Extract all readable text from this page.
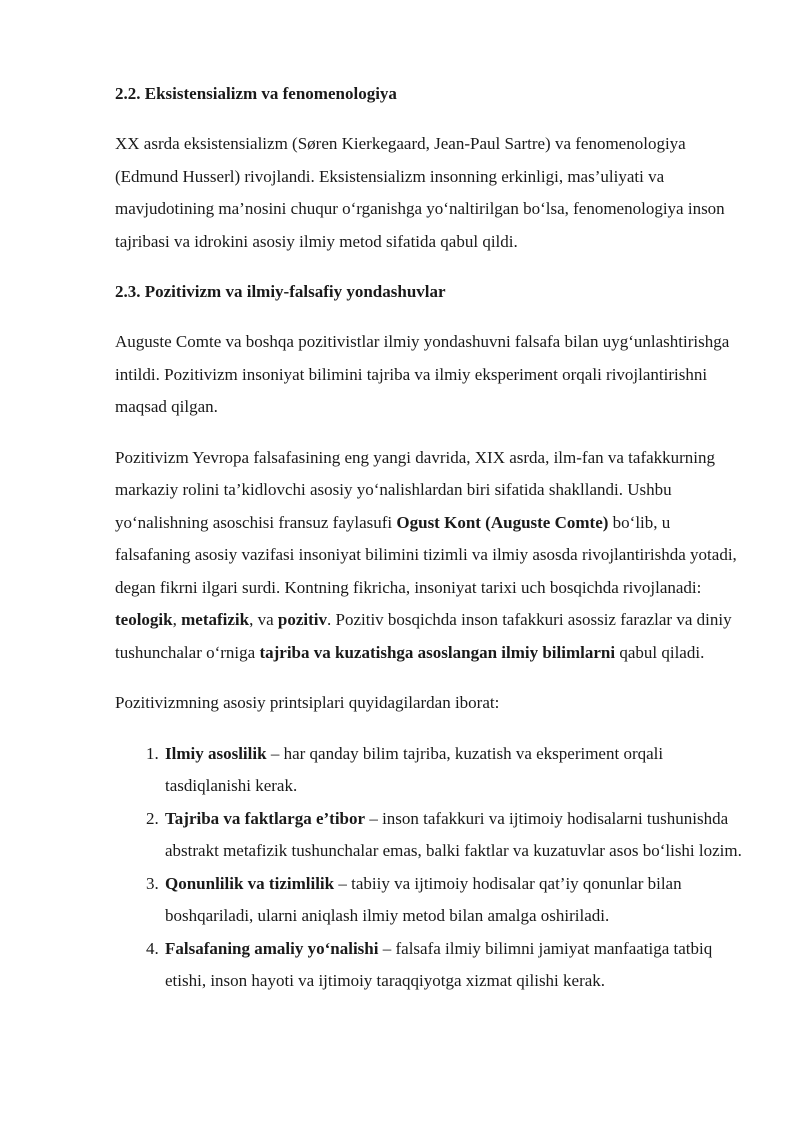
2.2. Eksistensializm va fenomenologiya

XX asrda eksistensializm (Søren Kierkegaard, Jean-Paul Sartre) va fenomenologiya (Edmund Husserl) rivojlandi. Eksistensializm insonning erkinligi, mas’uliyati va mavjudotining ma’nosini chuqur oʻrganishga yoʻnaltirilgan boʻlsa, fenomenologiya inson tajribasi va idrokini asosiy ilmiy metod sifatida qabul qildi.

2.3. Pozitivizm va ilmiy-falsafiy yondashuvlar

Auguste Comte va boshqa pozitivistlar ilmiy yondashuvni falsafa bilan uygʻunlashtirishga intildi. Pozitivizm insoniyat bilimini tajriba va ilmiy eksperiment orqali rivojlantirishni maqsad qilgan.

Pozitivizm Yevropa falsafasining eng yangi davrida, XIX asrda, ilm-fan va tafakkurning markaziy rolini ta’kidlovchi asosiy yoʻnalishlardan biri sifatida shakllandi. Ushbu yoʻnalishning asoschisi fransuz faylasufi Ogust Kont (Auguste Comte) boʻlib, u falsafaning asosiy vazifasi insoniyat bilimini tizimli va ilmiy asosda rivojlantirishda yotadi, degan fikrni ilgari surdi. Kontning fikricha, insoniyat tarixi uch bosqichda rivojlanadi: teologik, metafizik, va pozitiv. Pozitiv bosqichda inson tafakkuri asossiz farazlar va diniy tushunchalar oʻrniga tajriba va kuzatishga asoslangan ilmiy bilimlarni qabul qiladi.

Pozitivizmning asosiy printsiplari quyidagilardan iborat:

1. Ilmiy asoslilik – har qanday bilim tajriba, kuzatish va eksperiment orqali tasdiqlanishi kerak.
2. Tajriba va faktlarga e’tibor – inson tafakkuri va ijtimoiy hodisalarni tushunishda abstrakt metafizik tushunchalar emas, balki faktlar va kuzatuvlar asos boʻlishi lozim.
3. Qonunlilik va tizimlilik – tabiiy va ijtimoiy hodisalar qat’iy qonunlar bilan boshqariladi, ularni aniqlash ilmiy metod bilan amalga oshiriladi.
4. Falsafaning amaliy yoʻnalishi – falsafa ilmiy bilimni jamiyat manfaatiga tatbiq etishi, inson hayoti va ijtimoiy taraqqiyotga xizmat qilishi kerak.
